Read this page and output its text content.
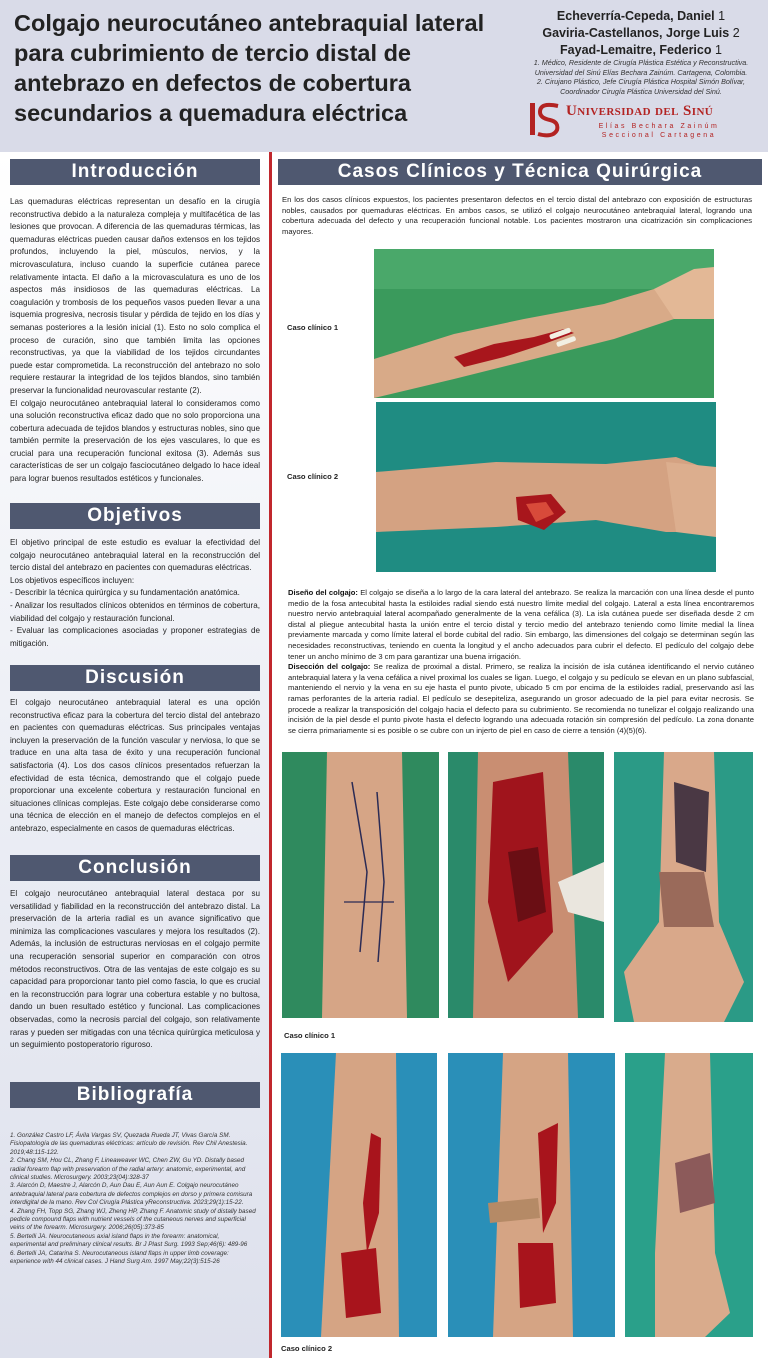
Colgajo neurocutáneo antebraquial lateral para cubrimiento de tercio distal de antebrazo en defectos de cobertura secundarios a quemadura eléctrica
Echeverría-Cepeda, Daniel 1
Gaviria-Castellanos, Jorge Luis 2
Fayad-Lemaitre, Federico 1
1. Médico, Residente de Cirugía Plástica Estética y Reconstructiva. Universidad del Sinú Elías Bechara Zainúm. Cartagena, Colombia.
2. Cirujano Plástico, Jefe Cirugía Plástica Hospital Simón Bolívar, Coordinador Cirugía Plástica Universidad del Sinú.
Universidad del Sinú
Elías Bechara Zainúm
Seccional Cartagena
Introducción

Las quemaduras eléctricas representan un desafío en la cirugía reconstructiva debido a la naturaleza compleja y multifacética de las lesiones que provocan. A diferencia de las quemaduras térmicas, las quemaduras eléctricas pueden causar daños extensos en los tejidos profundos, incluyendo la piel, músculos, nervios, y la microvasculatura, incluso cuando la superficie cutánea parece relativamente intacta. El daño a la microvasculatura es uno de los aspectos más insidiosos de las quemaduras eléctricas. La coagulación y trombosis de los pequeños vasos pueden llevar a una isquemia progresiva, necrosis tisular y pérdida de tejido en los días y semanas posteriores a la lesión inicial (1). Esto no solo complica el proceso de curación, sino que también limita las opciones reconstructivas, ya que la viabilidad de los tejidos circundantes puede estar comprometida. La reconstrucción del antebrazo no solo requiere restaurar la integridad de los tejidos blandos, sino también preservar la funcionalidad neurovascular restante (2).

El colgajo neurocutáneo antebraquial lateral lo consideramos como una solución reconstructiva eficaz dado que no solo proporciona una cobertura adecuada de tejidos blandos y estructuras nobles, sino que también permite la preservación de los ejes vasculares, lo que es crucial para una recuperación funcional exitosa (3). Además sus características de ser un colgajo fasciocutáneo delgado lo hace ideal para lograr buenos resultados estéticos y funcionales.

Objetivos

El objetivo principal de este estudio es evaluar la efectividad del colgajo neurocutáneo antebraquial lateral en la reconstrucción del tercio distal del antebrazo en pacientes con quemaduras eléctricas.

Los objetivos específicos incluyen:

- Describir la técnica quirúrgica y su fundamentación anatómica.

- Analizar los resultados clínicos obtenidos en términos de cobertura, viabilidad del colgajo y restauración funcional.

- Evaluar las complicaciones asociadas y proponer estrategias de mitigación.

Discusión
El colgajo neurocutáneo antebraquial lateral es una opción reconstructiva eficaz para la cobertura del tercio distal del antebrazo en pacientes con quemaduras eléctricas. Sus principales ventajas incluyen la preservación de la función vascular y nerviosa, lo que se traduce en una alta tasa de éxito y una recuperación funcional satisfactoria (4). Los dos casos clínicos presentados refuerzan la efectividad de esta técnica, demostrando que el colgajo puede proporcionar una excelente cobertura y restauración funcional en situaciones clínicas complejas. Este colgajo debe considerarse como una técnica de elección en el manejo de defectos complejos en el antebrazo, especialmente en casos de quemaduras eléctricas.
Conclusión
El colgajo neurocutáneo antebraquial lateral destaca por su versatilidad y fiabilidad en la reconstrucción del antebrazo distal. La preservación de la arteria radial es un avance significativo que minimiza las complicaciones vasculares y mejora los resultados (2). Además, la inclusión de estructuras nerviosas en el colgajo permite una recuperación sensorial superior en comparación con otros métodos reconstructivos. Otra de las ventajas de este colgajo es su capacidad para proporcionar tanto piel como fascia, lo que es crucial en la reconstrucción para lograr una cobertura estable y no bultosa, dando un buen resultado estético y funcional. Las complicaciones observadas, como la necrosis parcial del colgajo, son relativamente raras y pueden ser mitigadas con una técnica quirúrgica meticulosa y un seguimiento postoperatorio riguroso.
Bibliografía
1. González Castro LF, Ávila Vargas SV, Quezada Rueda JT, Vivas García SM. Fisiopatología de las quemaduras eléctricas: artículo de revisión. Rev Chil Anestesia. 2019;48:115-122.
2. Chang SM, Hou CL, Zhang F, Lineaweaver WC, Chen ZW, Gu YD. Distally based radial forearm flap with preservation of the radial artery: anatomic, experimental, and clinical studies. Microsurgery. 2003;23(04):328-37
3. Alarcón D, Maestre J, Alarcón D, Aun Dau E, Aun Aun E. Colgajo neurocutáneo antebraquial lateral para cobertura de defectos complejos en dorso y primera comisura interdigital de la mano. Rev Col Cirugía Plástica yReconstructiva. 2023;29(1):15-22.
4. Zhang FH, Topp SG, Zhang WJ, Zheng HP, Zhang F. Anatomic study of distally based pedicle compound flaps with nutrient vessels of the cutaneous nerves and superficial veins of the forearm. Microsurgery. 2006;26(05):373-85
5. Bertelli JA. Neurocutaneous axial island flaps in the forearm: anatomical, experimental and preliminary clinical results. Br J Plast Surg. 1993 Sep;46(6): 489-96
6. Bertelli JA, Catarina S. Neurocutaneous island flaps in upper limb coverage: experience with 44 clinical cases. J Hand Surg Am. 1997 May;22(3):515-26
Casos Clínicos y Técnica Quirúrgica
En los dos casos clínicos expuestos, los pacientes presentaron defectos en el tercio distal del antebrazo con exposición de estructuras nobles, causados por quemaduras eléctricas. En ambos casos, se utilizó el colgajo neurocutáneo antebraquial lateral, logrando una cobertura adecuada del defecto y una recuperación funcional notable. Los pacientes mostraron una cicatrización sin complicaciones mayores.
Caso clínico 1
Caso clínico 2
Diseño del colgajo: El colgajo se diseña a lo largo de la cara lateral del antebrazo. Se realiza la marcación con una línea desde el punto medio de la fosa antecubital hasta la estiloides radial siendo está nuestro límite medial del colgajo. Lateral a esta línea encontraremos nuestro nervio antebraquial lateral acompañado generalmente de la vena cefálica (3). La isla cutánea puede ser diseñada desde 2 cm distal al pliegue antecubital hasta la unión entre el tercio distal y tercio medio del antebrazo teniendo como límite medial la línea previamente marcada y como límite lateral el borde cubital del radio. Sin embargo, las dimensiones del colgajo se determinan según las necesidades reconstructivas, teniendo en cuenta la longitud y el ancho adecuados para cubrir el defecto. El pedículo del colgajo debe tener un ancho mínimo de 3 cm para garantizar una buena irrigación.
Disección del colgajo: Se realiza de proximal a distal. Primero, se realiza la incisión de isla cutánea identificando el nervio cutáneo antebraquial latera y la vena cefálica a nivel proximal los cuales se ligan. Luego, el colgajo y su pedículo se elevan en un plano subfascial, manteniendo el nervio y la vena en su eje hasta el punto pivote, ubicado 5 cm por encima de la estiloides radial, preservando así las ramas perforantes de la arteria radial. El pedículo se desepiteliza, asegurando un grosor adecuado de la piel para evitar necrosis. Se procede a realizar la transposición del colgajo hacia el defecto para su cubrimiento. Se recomienda no tunelizar el colgajo realizando una incisión de la piel desde el punto pivote hasta el defecto logrando una adecuada rotación sin compresión del pedículo. La zona donante se cierra primariamente si es posible o se cubre con un injerto de piel en caso de cierre a tensión (4)(5)(6).
Caso clínico 1
Caso clínico 2
